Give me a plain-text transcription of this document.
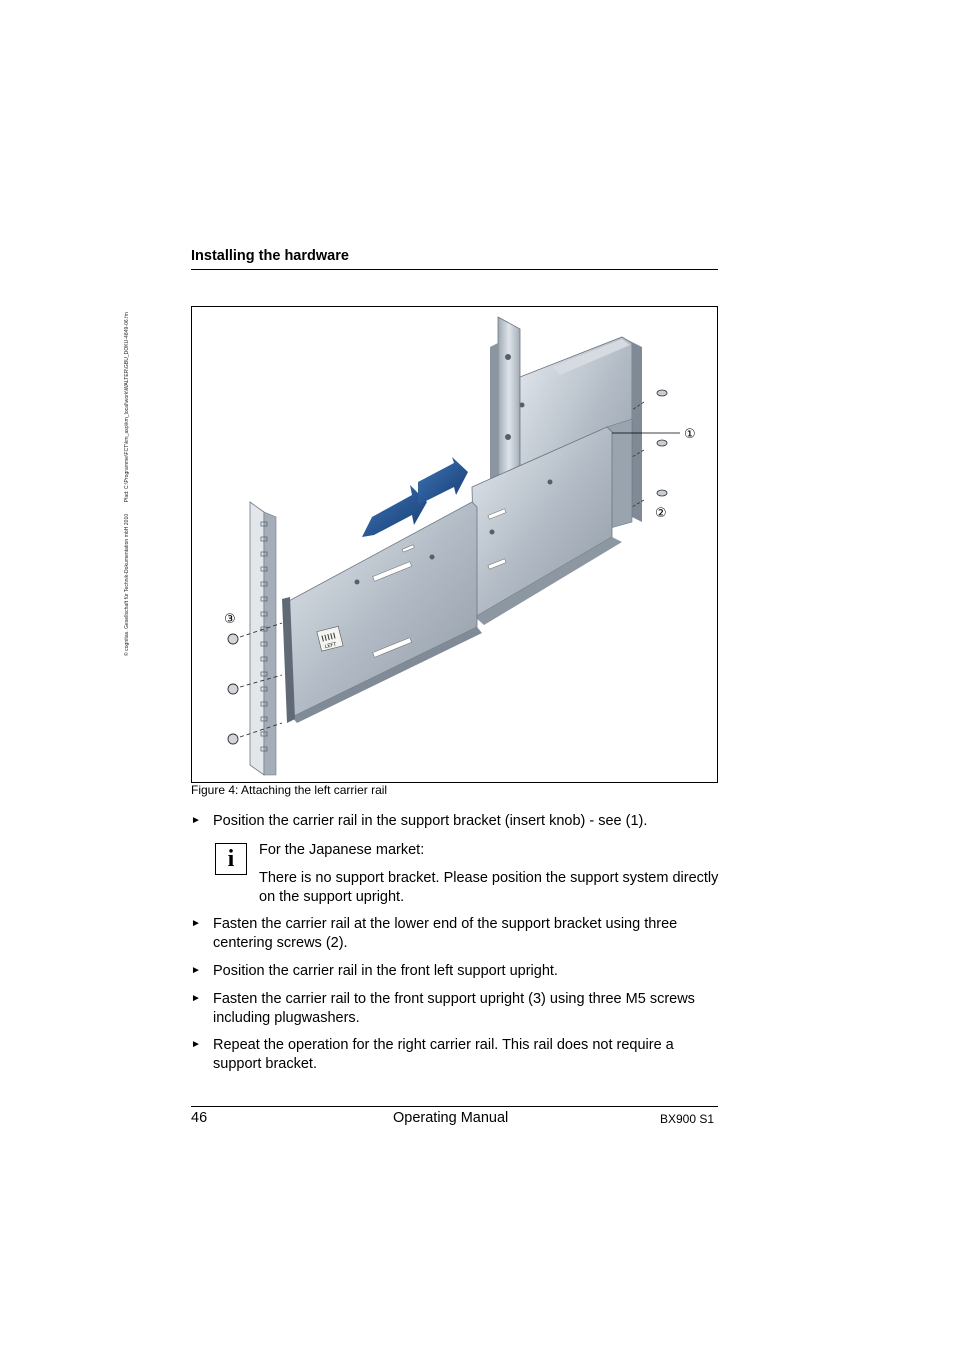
© cognitas. Gesellschaft für Technik-Dokumentation mbH 2010 Pfad: C:\Programme\FCT\km_asp\km_local\work\WALTER\GBU_DOKU-4849-06.fm
Installing the hardware
LEFT
①
②
③
Figure 4: Attaching the left carrier rail
► Position the carrier rail in the support bracket (insert knob) - see (1).
i	For the Japanese market:
There is no support bracket. Please position the support system directly on the support upright.
► Fasten the carrier rail at the lower end of the support bracket using three centering screws (2).
► Position the carrier rail in the front left support upright.
► Fasten the carrier rail to the front support upright (3) using three M5 screws including plugwashers.
► Repeat the operation for the right carrier rail. This rail does not require a support bracket.
46	Operating Manual	BX900 S1
